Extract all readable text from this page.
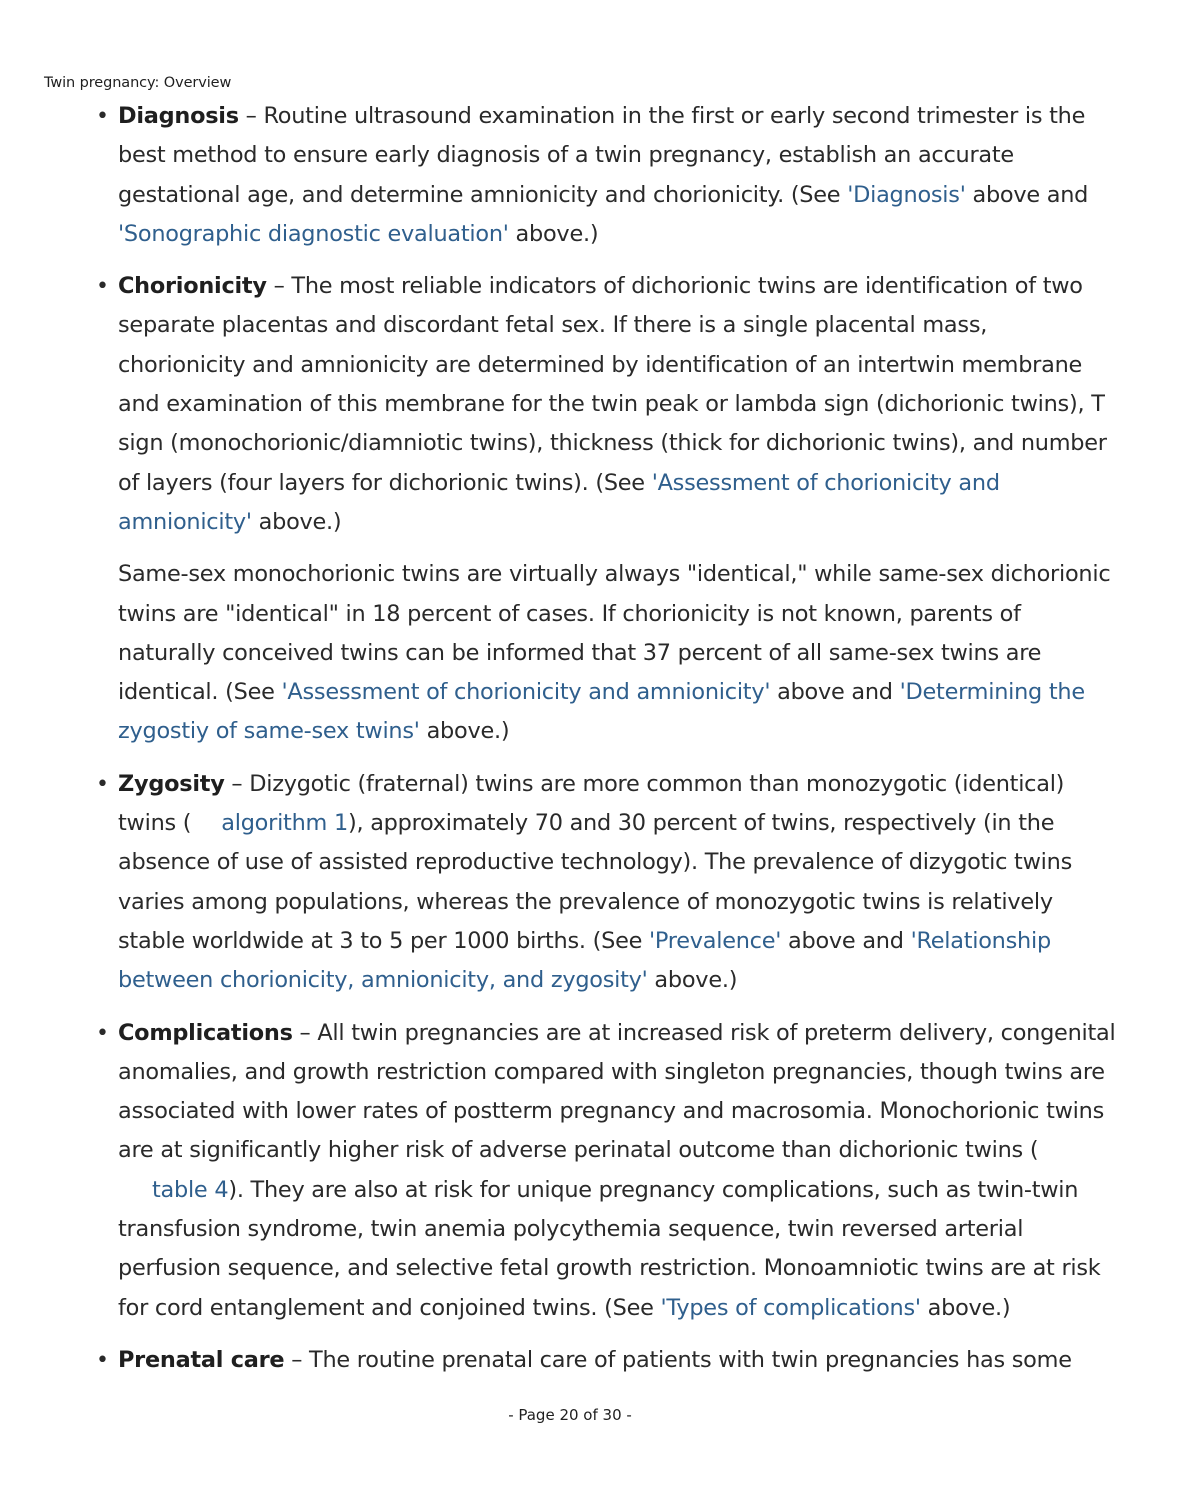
Twin pregnancy: Overview
• Diagnosis – Routine ultrasound examination in the first or early second trimester is the
best method to ensure early diagnosis of a twin pregnancy, establish an accurate
gestational age, and determine amnionicity and chorionicity. (See 'Diagnosis' above and
'Sonographic diagnostic evaluation' above.)
• Chorionicity – The most reliable indicators of dichorionic twins are identification of two
separate placentas and discordant fetal sex. If there is a single placental mass,
chorionicity and amnionicity are determined by identification of an intertwin membrane
and examination of this membrane for the twin peak or lambda sign (dichorionic twins), T
sign (monochorionic/diamniotic twins), thickness (thick for dichorionic twins), and number
of layers (four layers for dichorionic twins). (See 'Assessment of chorionicity and
amnionicity' above.)
Same-sex monochorionic twins are virtually always "identical," while same-sex dichorionic
twins are "identical" in 18 percent of cases. If chorionicity is not known, parents of
naturally conceived twins can be informed that 37 percent of all same-sex twins are
identical. (See 'Assessment of chorionicity and amnionicity' above and 'Determining the
zygostiy of same-sex twins' above.)
• Zygosity – Dizygotic (fraternal) twins are more common than monozygotic (identical)
twins ( algorithm 1), approximately 70 and 30 percent of twins, respectively (in the
absence of use of assisted reproductive technology). The prevalence of dizygotic twins
varies among populations, whereas the prevalence of monozygotic twins is relatively
stable worldwide at 3 to 5 per 1000 births. (See 'Prevalence' above and 'Relationship
between chorionicity, amnionicity, and zygosity' above.)
• Complications – All twin pregnancies are at increased risk of preterm delivery, congenital
anomalies, and growth restriction compared with singleton pregnancies, though twins are
associated with lower rates of postterm pregnancy and macrosomia. Monochorionic twins
are at significantly higher risk of adverse perinatal outcome than dichorionic twins (
table 4). They are also at risk for unique pregnancy complications, such as twin-twin
transfusion syndrome, twin anemia polycythemia sequence, twin reversed arterial
perfusion sequence, and selective fetal growth restriction. Monoamniotic twins are at risk
for cord entanglement and conjoined twins. (See 'Types of complications' above.)
• Prenatal care – The routine prenatal care of patients with twin pregnancies has some
- Page 20 of 30 -
